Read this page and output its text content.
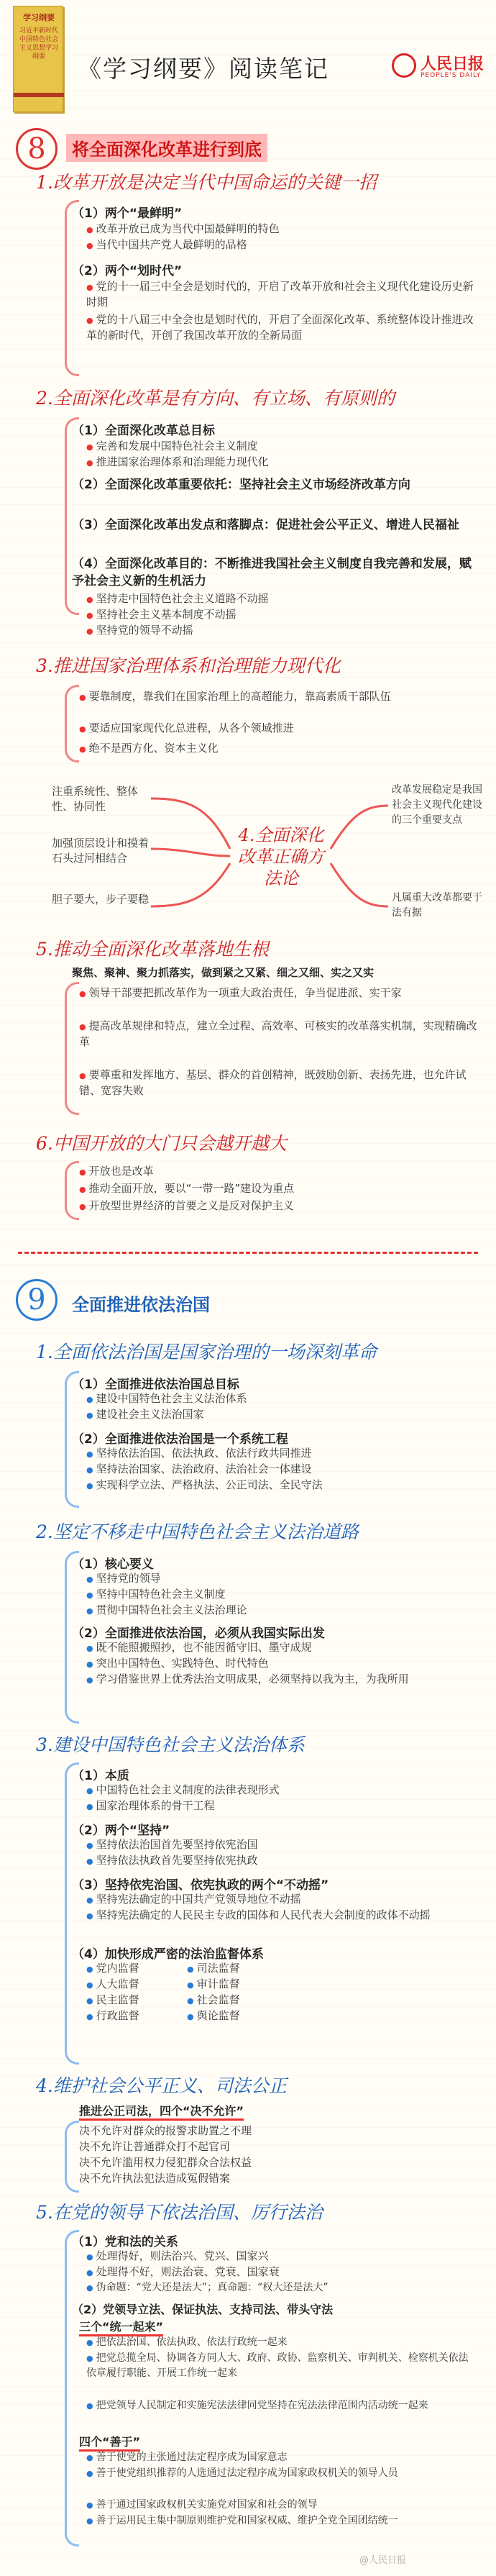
学习纲要
习近平新时代中国特色社会主义思想学习纲要	《学习纲要》阅读笔记	人民日报
PEOPLE'S DAILY
8	将全面深化改革进行到底
1.改革开放是决定当代中国命运的关键一招
（1）两个“最鲜明”
● 改革开放已成为当代中国最鲜明的特色
● 当代中国共产党人最鲜明的品格
（2）两个“划时代”
● 党的十一届三中全会是划时代的，开启了改革开放和社会主义现代化建设历史新时期
● 党的十八届三中全会也是划时代的，开启了全面深化改革、系统整体设计推进改革的新时代，开创了我国改革开放的全新局面
2.全面深化改革是有方向、有立场、有原则的
（1）全面深化改革总目标
● 完善和发展中国特色社会主义制度
● 推进国家治理体系和治理能力现代化
（2）全面深化改革重要依托：坚持社会主义市场经济改革方向
（3）全面深化改革出发点和落脚点：促进社会公平正义、增进人民福祉
（4）全面深化改革目的：不断推进我国社会主义制度自我完善和发展，赋予社会主义新的生机活力
● 坚持走中国特色社会主义道路不动摇
● 坚持社会主义基本制度不动摇
● 坚持党的领导不动摇
3.推进国家治理体系和治理能力现代化
● 要靠制度，靠我们在国家治理上的高超能力，靠高素质干部队伍
● 要适应国家现代化总进程，从各个领域推进
● 绝不是西方化、资本主义化
注重系统性、整体性、协同性
加强顶层设计和摸着石头过河相结合
胆子要大，步子要稳
4.全面深化
改革正确方
法论
改革发展稳定是我国社会主义现代化建设的三个重要支点
凡属重大改革都要于法有据
5.推动全面深化改革落地生根
聚焦、聚神、聚力抓落实，做到紧之又紧、细之又细、实之又实
● 领导干部要把抓改革作为一项重大政治责任，争当促进派、实干家
● 提高改革规律和特点，建立全过程、高效率、可核实的改革落实机制，实现精确改革
● 要尊重和发挥地方、基层、群众的首创精神，既鼓励创新、表扬先进，也允许试错、宽容失败
6.中国开放的大门只会越开越大
● 开放也是改革
● 推动全面开放，要以“一带一路”建设为重点
● 开放型世界经济的首要之义是反对保护主义
9	全面推进依法治国
1.全面依法治国是国家治理的一场深刻革命
（1）全面推进依法治国总目标
● 建设中国特色社会主义法治体系
● 建设社会主义法治国家
（2）全面推进依法治国是一个系统工程
● 坚持依法治国、依法执政、依法行政共同推进
● 坚持法治国家、法治政府、法治社会一体建设
● 实现科学立法、严格执法、公正司法、全民守法
2.坚定不移走中国特色社会主义法治道路
（1）核心要义
● 坚持党的领导
● 坚持中国特色社会主义制度
● 贯彻中国特色社会主义法治理论
（2）全面推进依法治国，必须从我国实际出发
● 既不能照搬照抄，也不能因循守旧、墨守成规
● 突出中国特色、实践特色、时代特色
● 学习借鉴世界上优秀法治文明成果，必须坚持以我为主，为我所用
3.建设中国特色社会主义法治体系
（1）本质
● 中国特色社会主义制度的法律表现形式
● 国家治理体系的骨干工程
（2）两个“坚持”
● 坚持依法治国首先要坚持依宪治国
● 坚持依法执政首先要坚持依宪执政
（3）坚持依宪治国、依宪执政的两个“不动摇”
● 坚持宪法确定的中国共产党领导地位不动摇
● 坚持宪法确定的人民民主专政的国体和人民代表大会制度的政体不动摇
（4）加快形成严密的法治监督体系
● 党内监督
● 人大监督
● 民主监督
● 行政监督
● 司法监督
● 审计监督
● 社会监督
● 舆论监督
4.维护社会公平正义、司法公正
推进公正司法，四个“决不允许”
决不允许对群众的报警求助置之不理
决不允许让普通群众打不起官司
决不允许滥用权力侵犯群众合法权益
决不允许执法犯法造成冤假错案
5.在党的领导下依法治国、厉行法治
（1）党和法的关系
● 处理得好，则法治兴、党兴、国家兴
● 处理得不好，则法治衰、党衰、国家衰
● 伪命题：“党大还是法大”；真命题：“权大还是法大”
（2）党领导立法、保证执法、支持司法、带头守法
三个“统一起来”
● 把依法治国、依法执政、依法行政统一起来
● 把党总揽全局、协调各方同人大、政府、政协、监察机关、审判机关、检察机关依法依章履行职能、开展工作统一起来
● 把党领导人民制定和实施宪法法律同党坚持在宪法法律范围内活动统一起来
四个“善于”
● 善于使党的主张通过法定程序成为国家意志
● 善于使党组织推荐的人选通过法定程序成为国家政权机关的领导人员
● 善于通过国家政权机关实施党对国家和社会的领导
● 善于运用民主集中制原则维护党和国家权威、维护全党全国团结统一
@人民日报
